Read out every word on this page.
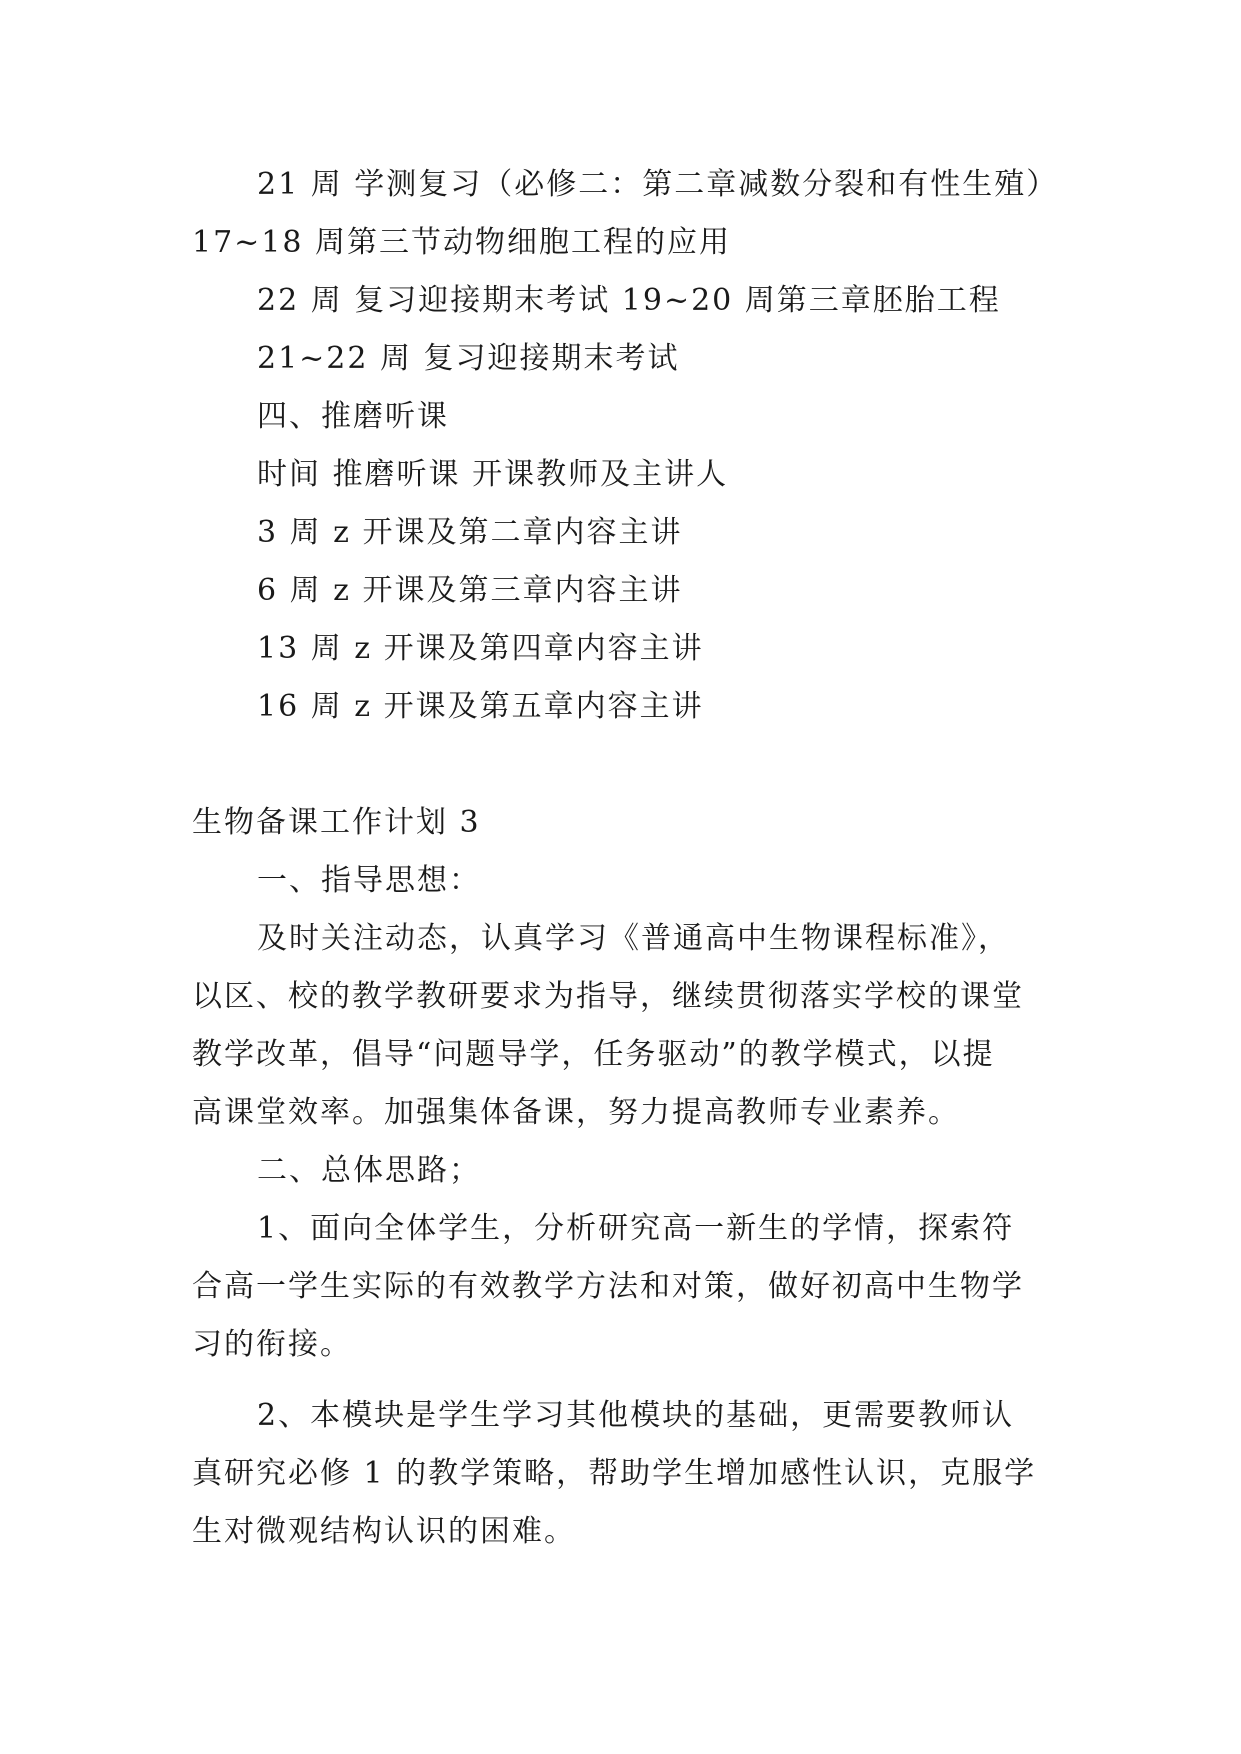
21 周 学测复习（必修二：第二章减数分裂和有性生殖）

17~18 周第三节动物细胞工程的应用

22 周 复习迎接期末考试 19~20 周第三章胚胎工程

21~22 周 复习迎接期末考试

四、推磨听课

时间 推磨听课 开课教师及主讲人

3 周 z 开课及第二章内容主讲

6 周 z 开课及第三章内容主讲

13 周 z 开课及第四章内容主讲

16 周 z 开课及第五章内容主讲

生物备课工作计划 3

一、指导思想：

及时关注动态，认真学习《普通高中生物课程标准》，

以区、校的教学教研要求为指导，继续贯彻落实学校的课堂

教学改革，倡导“问题导学，任务驱动”的教学模式，以提

高课堂效率。加强集体备课，努力提高教师专业素养。

二、总体思路；

1、面向全体学生，分析研究高一新生的学情，探索符

合高一学生实际的有效教学方法和对策，做好初高中生物学

习的衔接。

2、本模块是学生学习其他模块的基础，更需要教师认

真研究必修 1 的教学策略，帮助学生增加感性认识，克服学

生对微观结构认识的困难。
